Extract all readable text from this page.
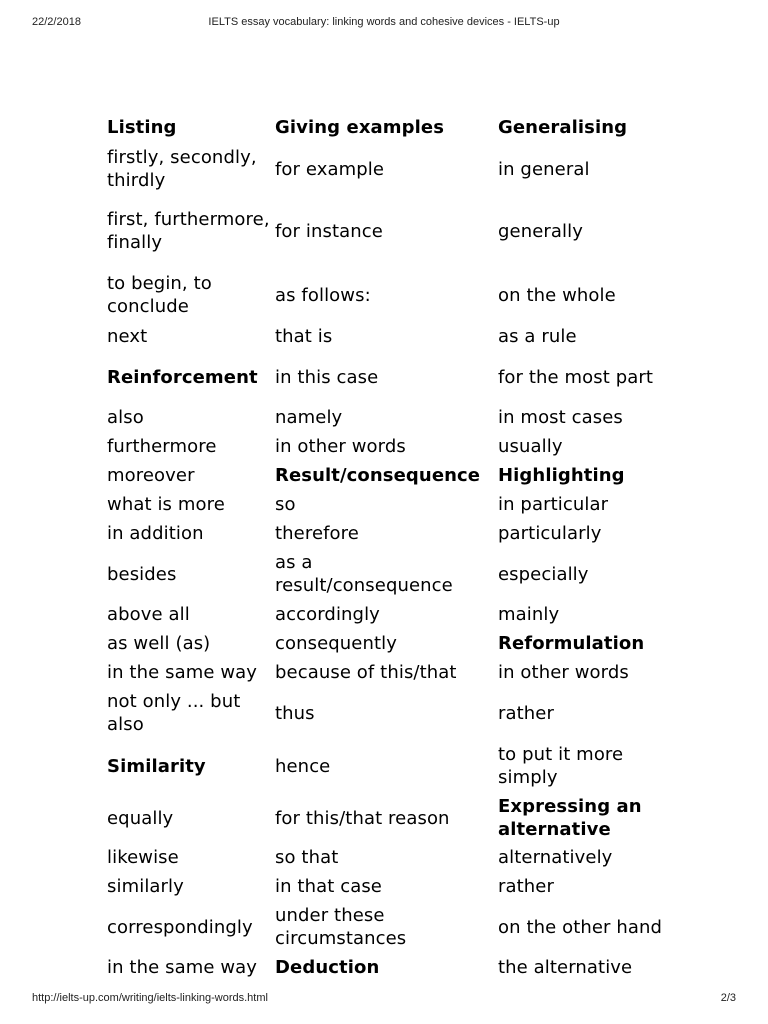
22/2/2018	IELTS essay vocabulary: linking words and cohesive devices - IELTS-up
Listing	Giving examples	Generalising
firstly, secondly, thirdly	for example	in general
first, furthermore, finally	for instance	generally
to begin, to conclude	as follows:	on the whole
next	that is	as a rule
Reinforcement	in this case	for the most part
also	namely	in most cases
furthermore	in other words	usually
moreover	Result/consequence	Highlighting
what is more	so	in particular
in addition	therefore	particularly
besides	as a result/consequence	especially
above all	accordingly	mainly
as well (as)	consequently	Reformulation
in the same way	because of this/that	in other words
not only ... but also	thus	rather
Similarity	hence	to put it more simply
equally	for this/that reason	Expressing an alternative
likewise	so that	alternatively
similarly	in that case	rather
correspondingly	under these circumstances	on the other hand
in the same way	Deduction	the alternative
http://ielts-up.com/writing/ielts-linking-words.html	2/3
